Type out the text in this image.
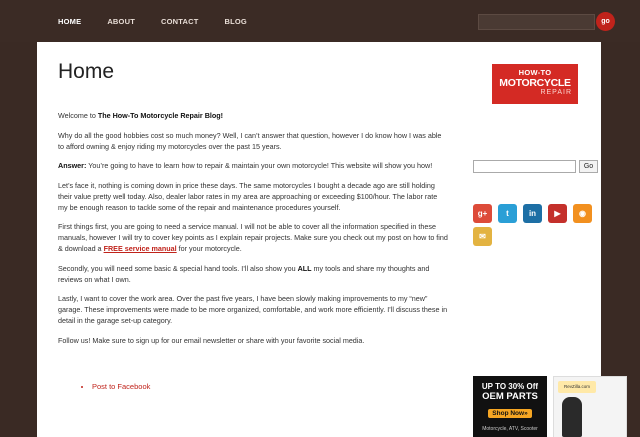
HOME	ABOUT	CONTACT	BLOG	go
Home

Welcome to The How-To Motorcycle Repair Blog!

Why do all the good hobbies cost so much money? Well, I can’t answer that question, however I do know how I was able to afford owning & enjoy riding my motorcycles over the past 15 years.

Answer: You’re going to have to learn how to repair & maintain your own motorcycle! This website will show you how!

Let’s face it, nothing is coming down in price these days. The same motorcycles I bought a decade ago are still holding their value pretty well today. Also, dealer labor rates in my area are approaching or exceeding $100/hour. The labor rate my be enough reason to tackle some of the repair and maintenance procedures yourself.

First things first, you are going to need a service manual. I will not be able to cover all the information specified in these manuals, however I will try to cover key points as I explain repair projects. Make sure you check out my post on how to find & download a FREE service manual for your motorcycle.

Secondly, you will need some basic & special hand tools. I’ll also show you ALL my tools and share my thoughts and reviews on what I own.

Lastly, I want to cover the work area. Over the past five years, I have been slowly making improvements to my “new” garage. These improvements were made to be more organized, comfortable, and work more efficiently. I’ll discuss these in detail in the garage set-up category.

Follow us! Make sure to sign up for our email newsletter or share with your favorite social media.

• Post to Facebook
HOW-TO
MOTORCYCLE
REPAIR
Go
g+	t	in	▶	◉
✉
UP TO 30% Off
OEM PARTS
Shop Now»
Motorcycle, ATV, Scooter
RevZilla.com
